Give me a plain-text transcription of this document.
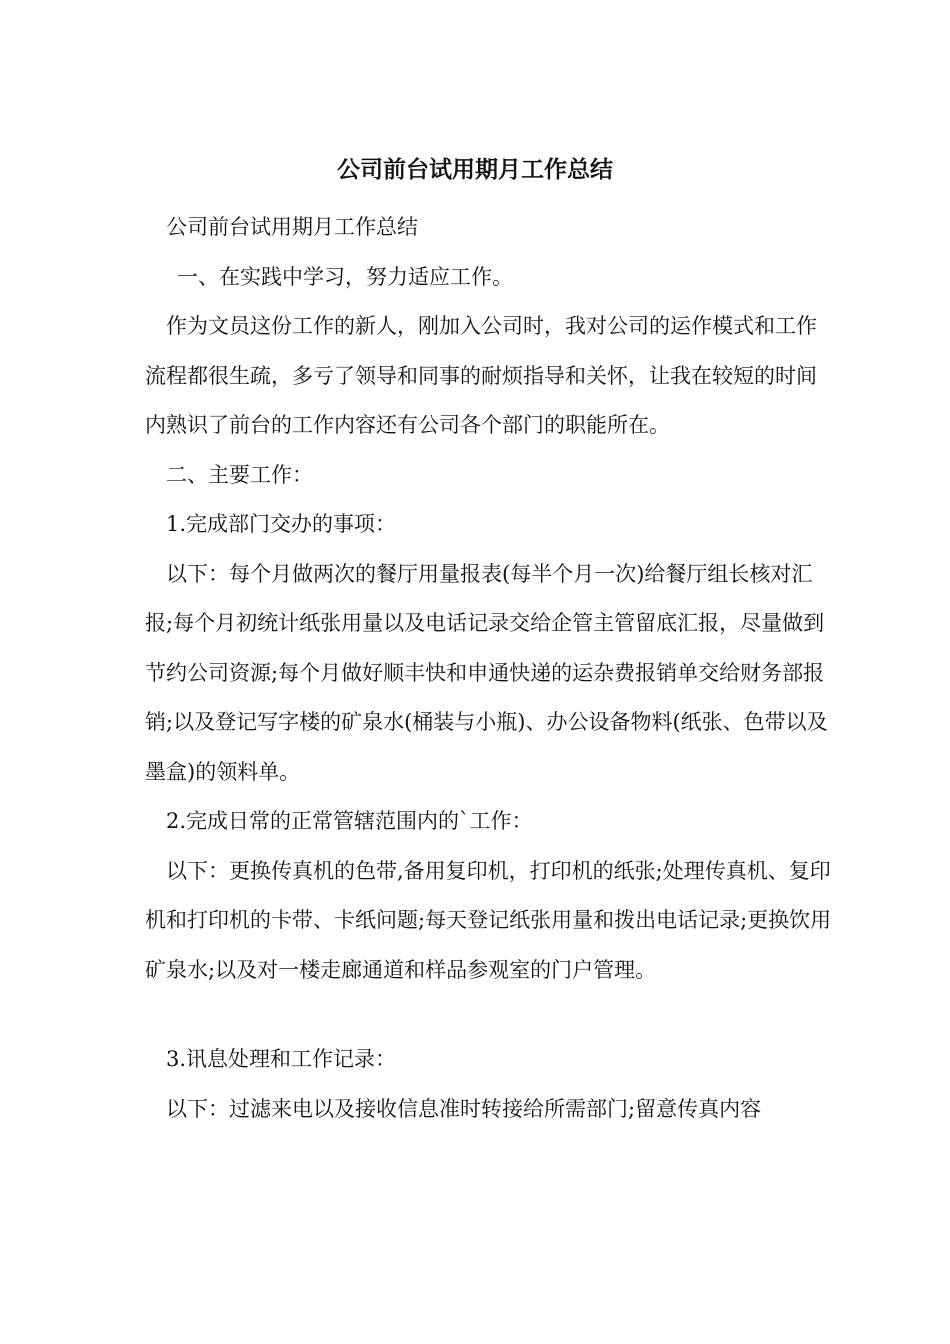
公司前台试用期月工作总结

公司前台试用期月工作总结

一、在实践中学习，努力适应工作。

作为文员这份工作的新人，刚加入公司时，我对公司的运作模式和工作流程都很生疏，多亏了领导和同事的耐烦指导和关怀，让我在较短的时间内熟识了前台的工作内容还有公司各个部门的职能所在。

二、主要工作：

1.完成部门交办的事项：

以下：每个月做两次的餐厅用量报表(每半个月一次)给餐厅组长核对汇报;每个月初统计纸张用量以及电话记录交给企管主管留底汇报，尽量做到节约公司资源;每个月做好顺丰快和申通快递的运杂费报销单交给财务部报销;以及登记写字楼的矿泉水(桶装与小瓶)、办公设备物料(纸张、色带以及墨盒)的领料单。

2.完成日常的正常管辖范围内的`工作：

以下：更换传真机的色带,备用复印机，打印机的纸张;处理传真机、复印机和打印机的卡带、卡纸问题;每天登记纸张用量和拨出电话记录;更换饮用矿泉水;以及对一楼走廊通道和样品参观室的门户管理。

3.讯息处理和工作记录：

以下：过滤来电以及接收信息准时转接给所需部门;留意传真内容
